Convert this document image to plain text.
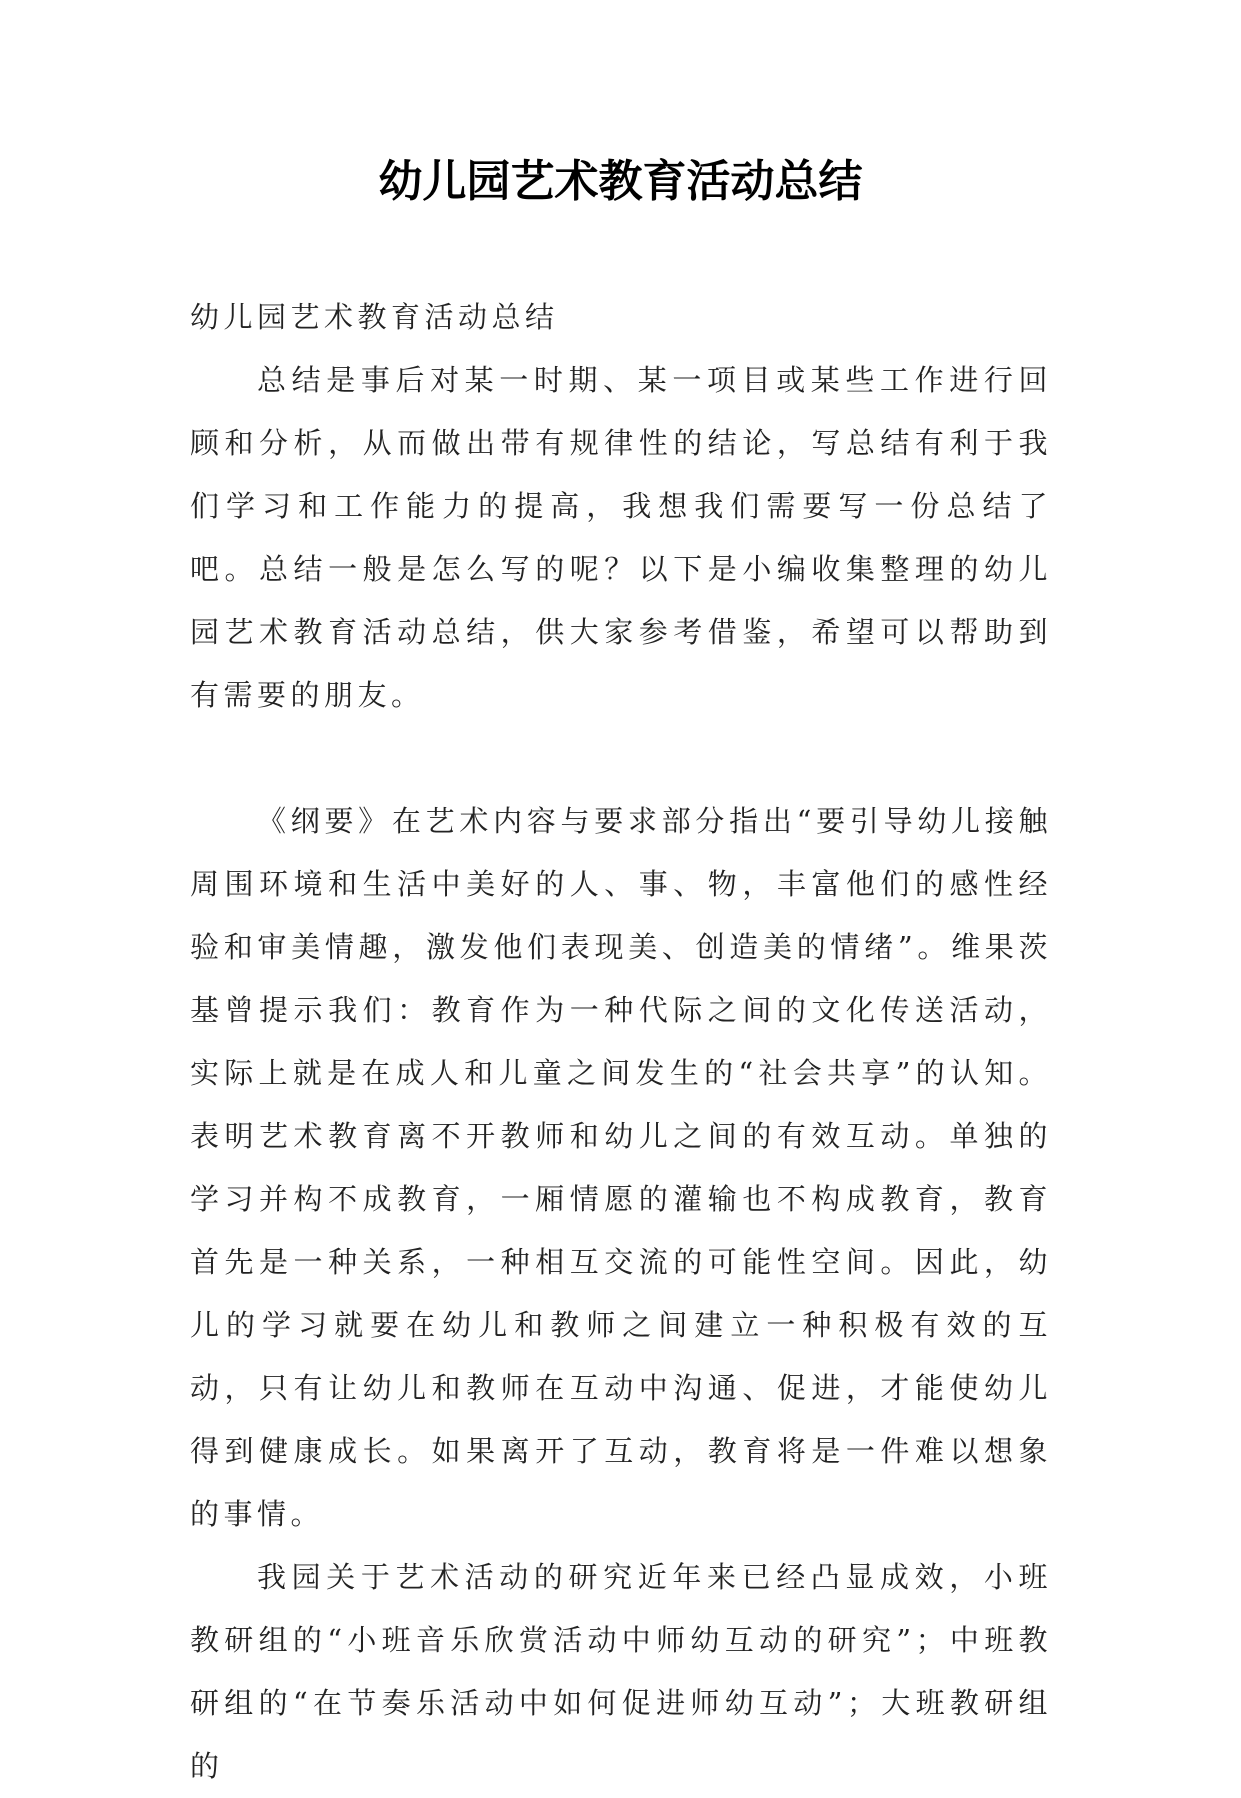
幼儿园艺术教育活动总结

幼儿园艺术教育活动总结

总结是事后对某一时期、某一项目或某些工作进行回顾和分析，从而做出带有规律性的结论，写总结有利于我们学习和工作能力的提高，我想我们需要写一份总结了吧。总结一般是怎么写的呢？以下是小编收集整理的幼儿园艺术教育活动总结，供大家参考借鉴，希望可以帮助到有需要的朋友。

《纲要》在艺术内容与要求部分指出“要引导幼儿接触周围环境和生活中美好的人、事、物，丰富他们的感性经验和审美情趣，激发他们表现美、创造美的情绪”。维果茨基曾提示我们：教育作为一种代际之间的文化传送活动，实际上就是在成人和儿童之间发生的“社会共享”的认知。表明艺术教育离不开教师和幼儿之间的有效互动。单独的学习并构不成教育，一厢情愿的灌输也不构成教育，教育首先是一种关系，一种相互交流的可能性空间。因此，幼儿的学习就要在幼儿和教师之间建立一种积极有效的互动，只有让幼儿和教师在互动中沟通、促进，才能使幼儿得到健康成长。如果离开了互动，教育将是一件难以想象的事情。

我园关于艺术活动的研究近年来已经凸显成效，小班教研组的“小班音乐欣赏活动中师幼互动的研究”；中班教研组的“在节奏乐活动中如何促进师幼互动”；大班教研组的
